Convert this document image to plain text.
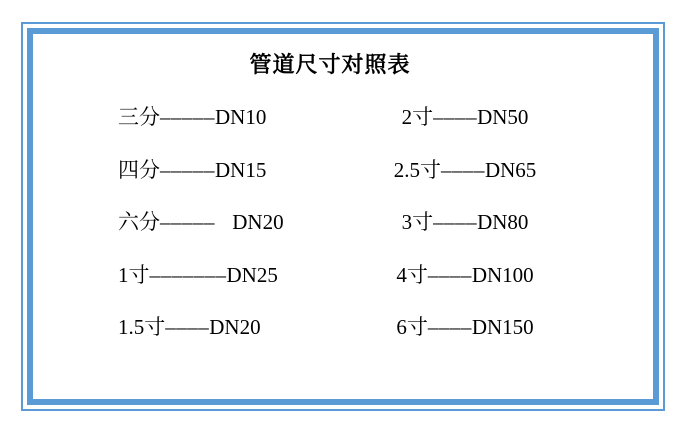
管道尺寸对照表
三分–––––DN10	2寸––––DN50
四分–––––DN15	2.5寸––––DN65
六分–––––   DN20	3寸––––DN80
1寸–––––––DN25	4寸––––DN100
1.5寸––––DN20	6寸––––DN150
